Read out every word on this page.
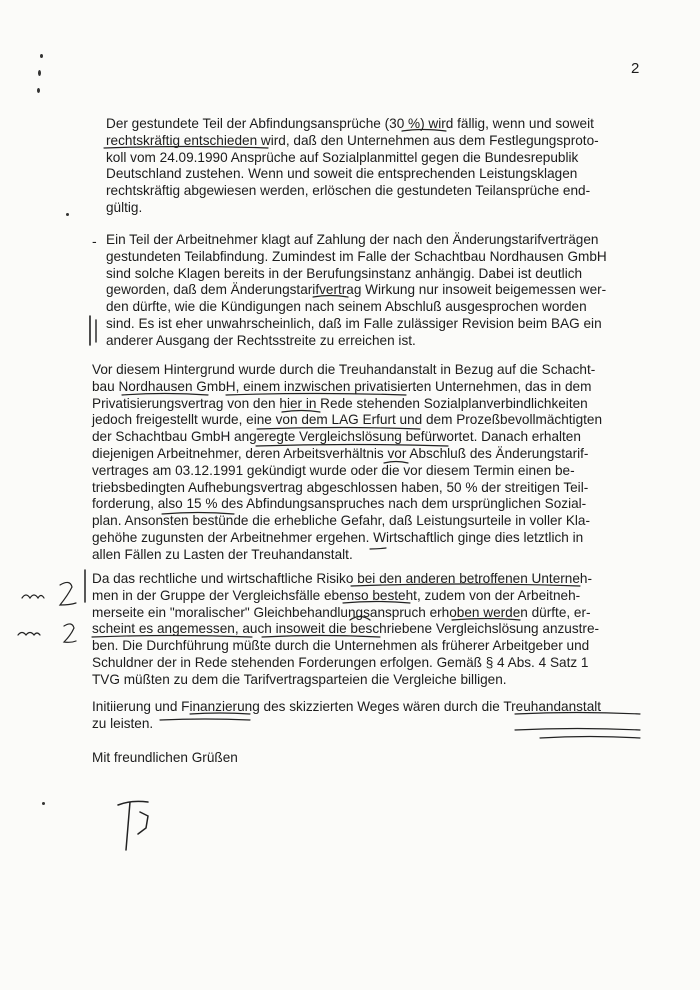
2
Der gestundete Teil der Abfindungsansprüche (30 %) wird fällig, wenn und soweit
rechtskräftig entschieden wird, daß den Unternehmen aus dem Festlegungsproto-
koll vom 24.09.1990 Ansprüche auf Sozialplanmittel gegen die Bundesrepublik
Deutschland zustehen. Wenn und soweit die entsprechenden Leistungsklagen
rechtskräftig abgewiesen werden, erlöschen die gestundeten Teilansprüche end-
gültig.
- Ein Teil der Arbeitnehmer klagt auf Zahlung der nach den Änderungstarifverträgen
gestundeten Teilabfindung. Zumindest im Falle der Schachtbau Nordhausen GmbH
sind solche Klagen bereits in der Berufungsinstanz anhängig. Dabei ist deutlich
geworden, daß dem Änderungstarifvertrag Wirkung nur insoweit beigemessen wer-
den dürfte, wie die Kündigungen nach seinem Abschluß ausgesprochen worden
sind. Es ist eher unwahrscheinlich, daß im Falle zulässiger Revision beim BAG ein
anderer Ausgang der Rechtsstreite zu erreichen ist.
Vor diesem Hintergrund wurde durch die Treuhandanstalt in Bezug auf die Schacht-
bau Nordhausen GmbH, einem inzwischen privatisierten Unternehmen, das in dem
Privatisierungsvertrag von den hier in Rede stehenden Sozialplanverbindlichkeiten
jedoch freigestellt wurde, eine von dem LAG Erfurt und dem Prozeßbevollmächtigten
der Schachtbau GmbH angeregte Vergleichslösung befürwortet. Danach erhalten
diejenigen Arbeitnehmer, deren Arbeitsverhältnis vor Abschluß des Änderungstarif-
vertrages am 03.12.1991 gekündigt wurde oder die vor diesem Termin einen be-
triebsbedingten Aufhebungsvertrag abgeschlossen haben, 50 % der streitigen Teil-
forderung, also 15 % des Abfindungsanspruches nach dem ursprünglichen Sozial-
plan. Ansonsten bestünde die erhebliche Gefahr, daß Leistungsurteile in voller Kla-
gehöhe zugunsten der Arbeitnehmer ergehen. Wirtschaftlich ginge dies letztlich in
allen Fällen zu Lasten der Treuhandanstalt.
Da das rechtliche und wirtschaftliche Risiko bei den anderen betroffenen Unterneh-
men in der Gruppe der Vergleichsfälle ebenso besteht, zudem von der Arbeitneh-
merseite ein "moralischer" Gleichbehandlungsanspruch erhoben werden dürfte, er-
scheint es angemessen, auch insoweit die beschriebene Vergleichslösung anzustre-
ben. Die Durchführung müßte durch die Unternehmen als früherer Arbeitgeber und
Schuldner der in Rede stehenden Forderungen erfolgen. Gemäß § 4 Abs. 4 Satz 1
TVG müßten zu dem die Tarifvertragsparteien die Vergleiche billigen.
Initiierung und Finanzierung des skizzierten Weges wären durch die Treuhandanstalt
zu leisten.
Mit freundlichen Grüßen
